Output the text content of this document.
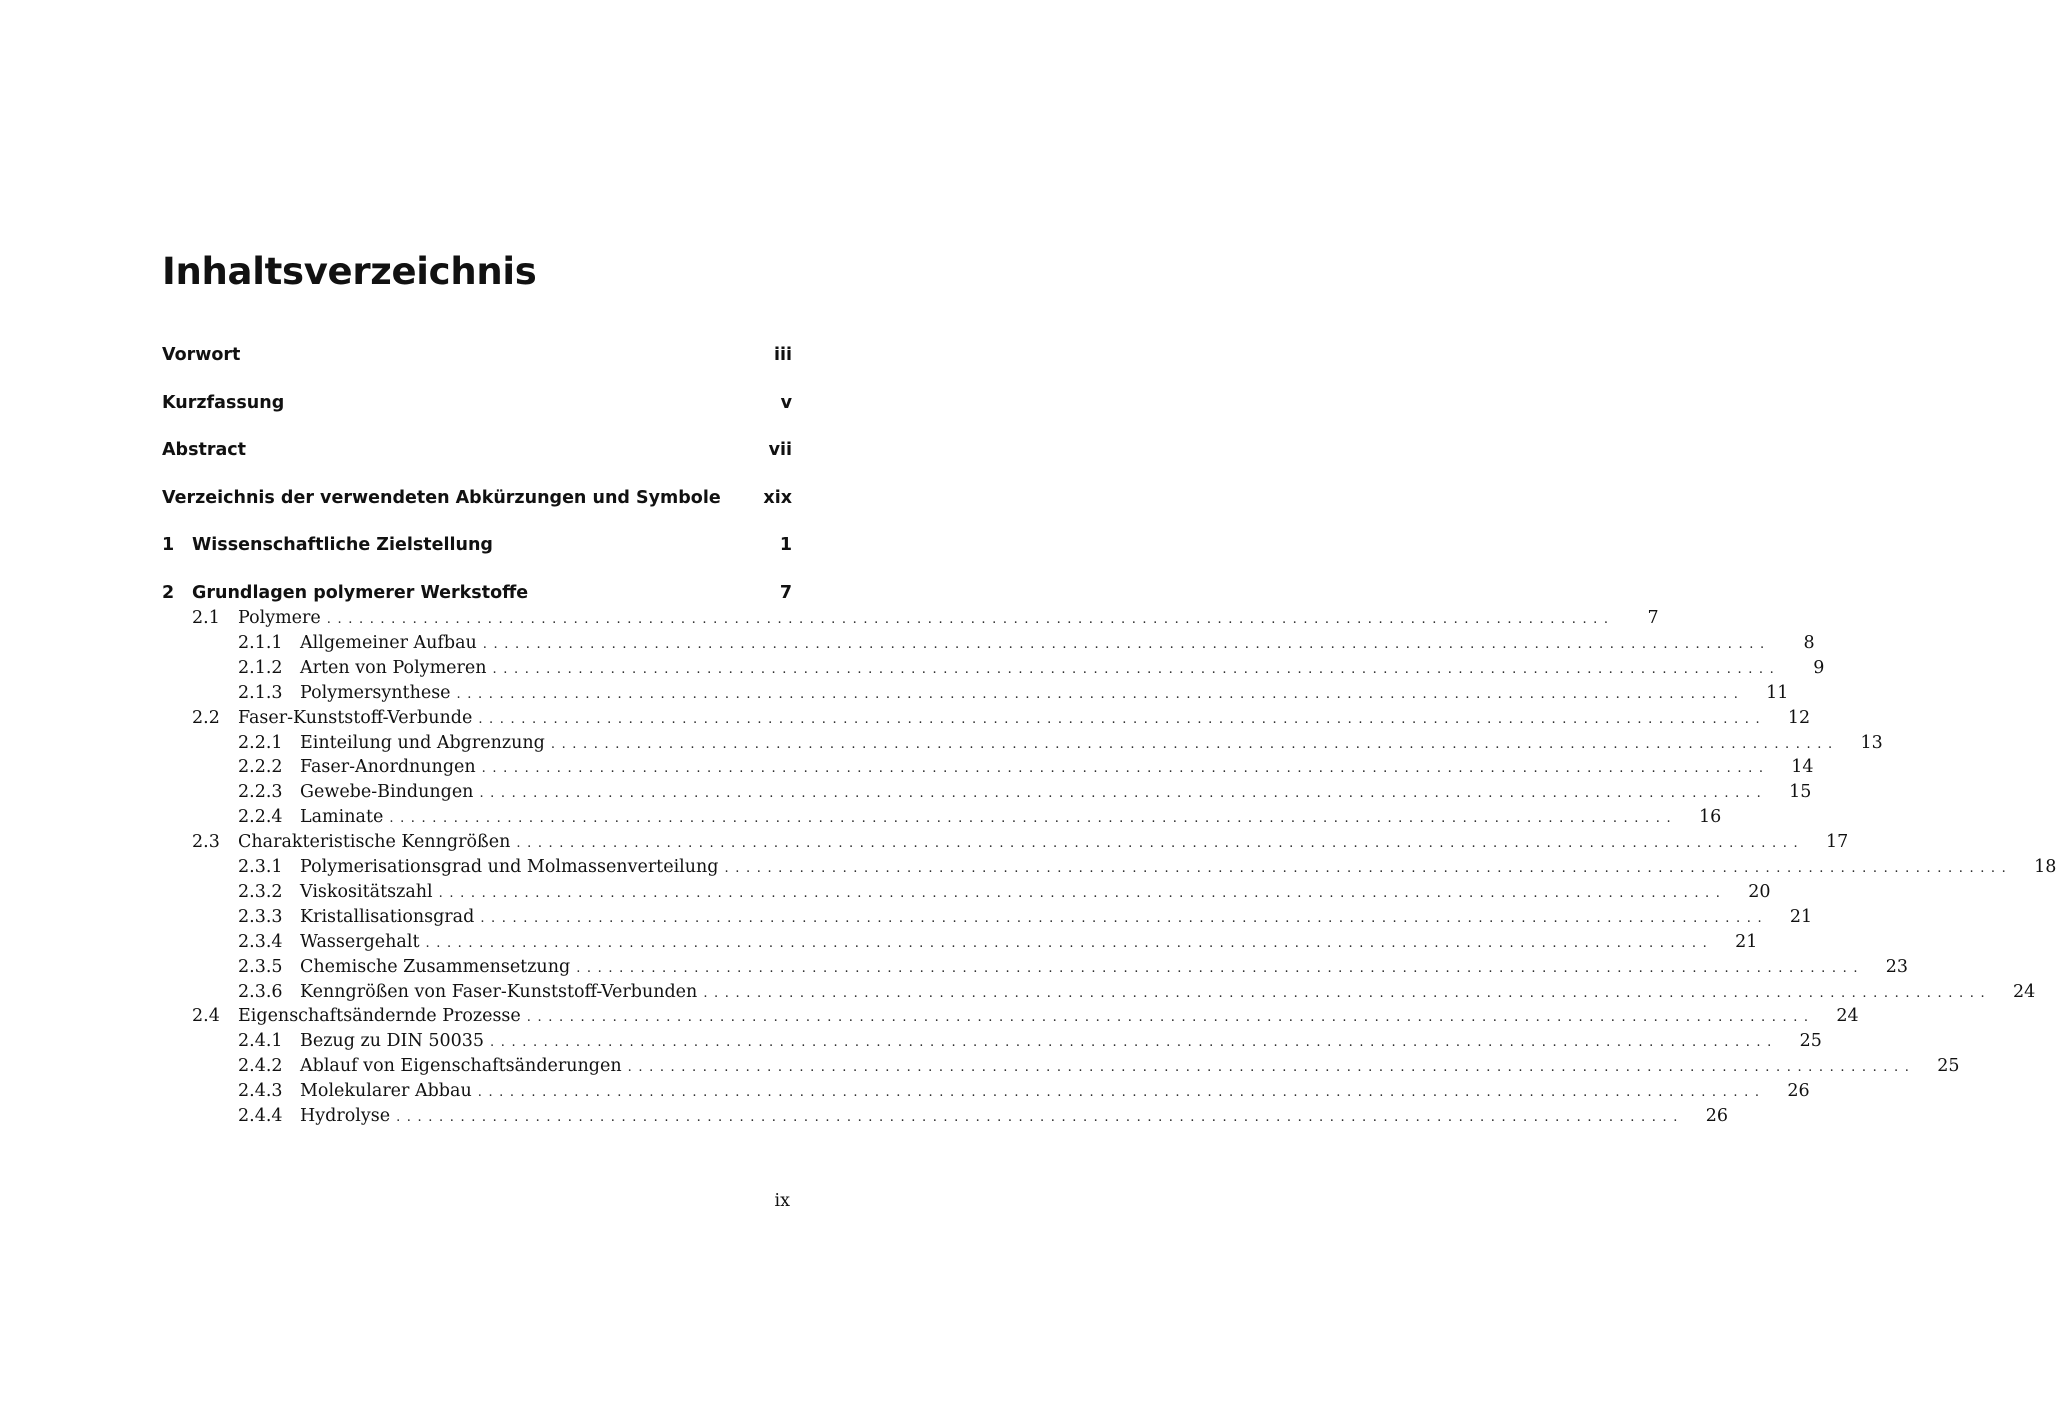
Inhaltsverzeichnis
Vorwort	iii
Kurzfassung	v
Abstract	vii
Verzeichnis der verwendeten Abkürzungen und Symbole	xix
1	Wissenschaftliche Zielstellung	1
2	Grundlagen polymerer Werkstoffe	7
2.1	Polymere ........................................................................................................................	7
2.1.1 Allgemeiner Aufbau ........................................................................................................................	8
2.1.2 Arten von Polymeren ........................................................................................................................	9
2.1.3 Polymersynthese ........................................................................................................................	11
2.2	Faser-Kunststoff-Verbunde ........................................................................................................................	12
2.2.1 Einteilung und Abgrenzung ........................................................................................................................	13
2.2.2 Faser-Anordnungen ........................................................................................................................	14
2.2.3 Gewebe-Bindungen ........................................................................................................................	15
2.2.4 Laminate ........................................................................................................................	16
2.3	Charakteristische Kenngrößen ........................................................................................................................	17
2.3.1 Polymerisationsgrad und Molmassenverteilung ........................................................................................................................	18
2.3.2 Viskositätszahl ........................................................................................................................	20
2.3.3 Kristallisationsgrad ........................................................................................................................	21
2.3.4 Wassergehalt ........................................................................................................................	21
2.3.5 Chemische Zusammensetzung ........................................................................................................................	23
2.3.6 Kenngrößen von Faser-Kunststoff-Verbunden ........................................................................................................................	24
2.4	Eigenschaftsändernde Prozesse ........................................................................................................................	24
2.4.1 Bezug zu DIN 50035 ........................................................................................................................	25
2.4.2 Ablauf von Eigenschaftsänderungen ........................................................................................................................	25
2.4.3 Molekularer Abbau ........................................................................................................................	26
2.4.4 Hydrolyse ........................................................................................................................	26
ix
